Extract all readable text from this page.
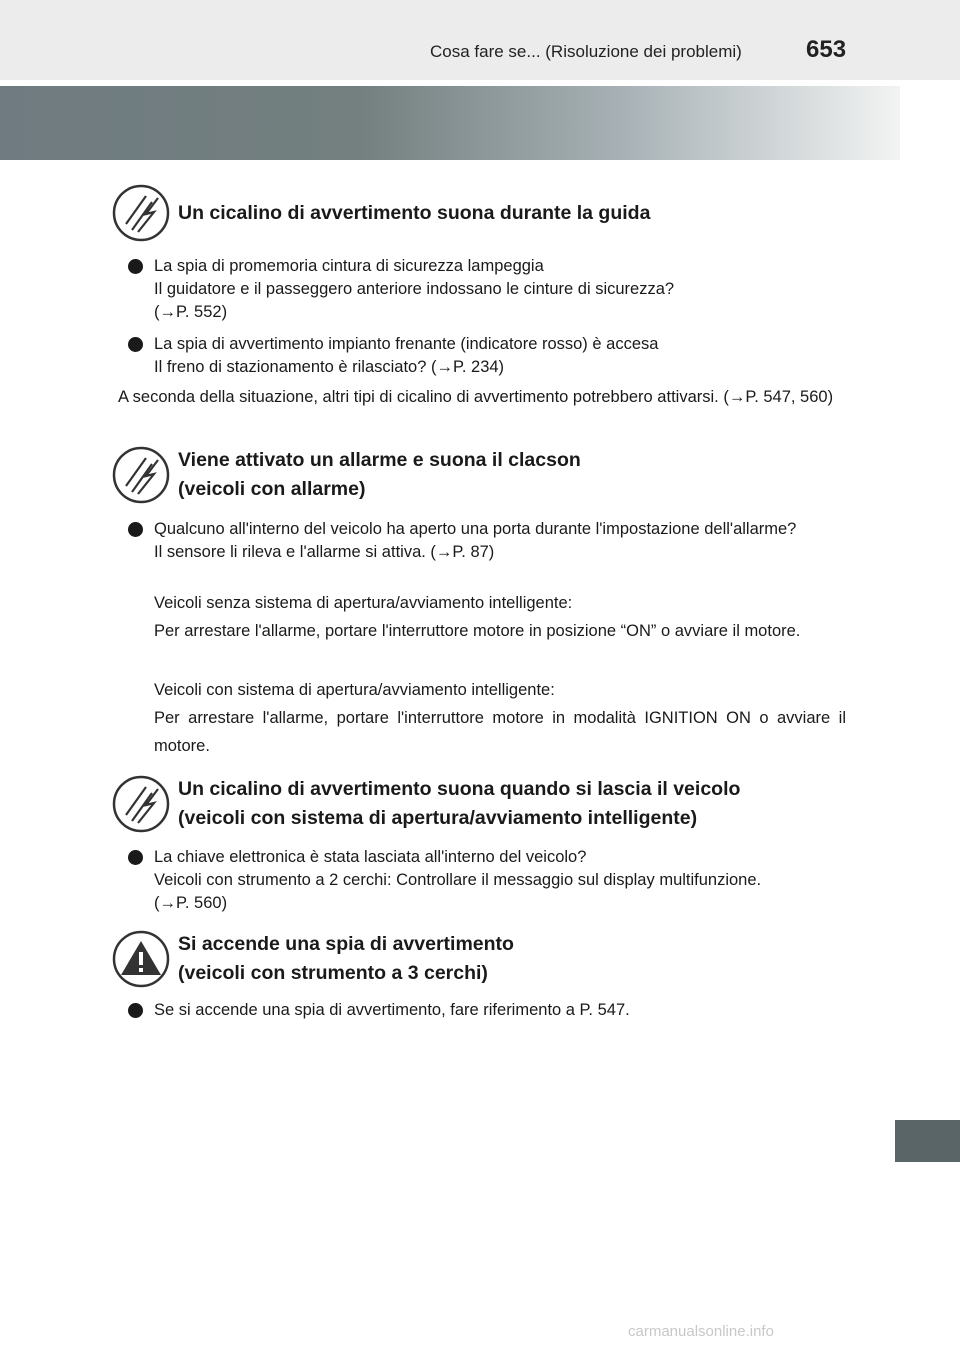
Cosa fare se... (Risoluzione dei problemi)	653
Un cicalino di avvertimento suona durante la guida

La spia di promemoria cintura di sicurezza lampeggia

Il guidatore e il passeggero anteriore indossano le cinture di sicurezza?

(→P. 552)

La spia di avvertimento impianto frenante (indicatore rosso) è accesa

Il freno di stazionamento è rilasciato? (→P. 234)

A seconda della situazione, altri tipi di cicalino di avvertimento potrebbero attivarsi. (→P. 547, 560)
Viene attivato un allarme e suona il clacson
(veicoli con allarme)

Qualcuno all'interno del veicolo ha aperto una porta durante l'impostazione dell'allarme?

Il sensore li rileva e l'allarme si attiva. (→P. 87)

Veicoli senza sistema di apertura/avviamento intelligente:
Per arrestare l'allarme, portare l'interruttore motore in posizione “ON” o avviare il motore.
Veicoli con sistema di apertura/avviamento intelligente:
Per arrestare l'allarme, portare l'interruttore motore in modalità IGNITION ON o avviare il motore.
Un cicalino di avvertimento suona quando si lascia il veicolo
(veicoli con sistema di apertura/avviamento intelligente)

La chiave elettronica è stata lasciata all'interno del veicolo?

Veicoli con strumento a 2 cerchi: Controllare il messaggio sul display multifunzione.

(→P. 560)

Si accende una spia di avvertimento
(veicoli con strumento a 3 cerchi)

Se si accende una spia di avvertimento, fare riferimento a P. 547.

carmanualsonline.info
